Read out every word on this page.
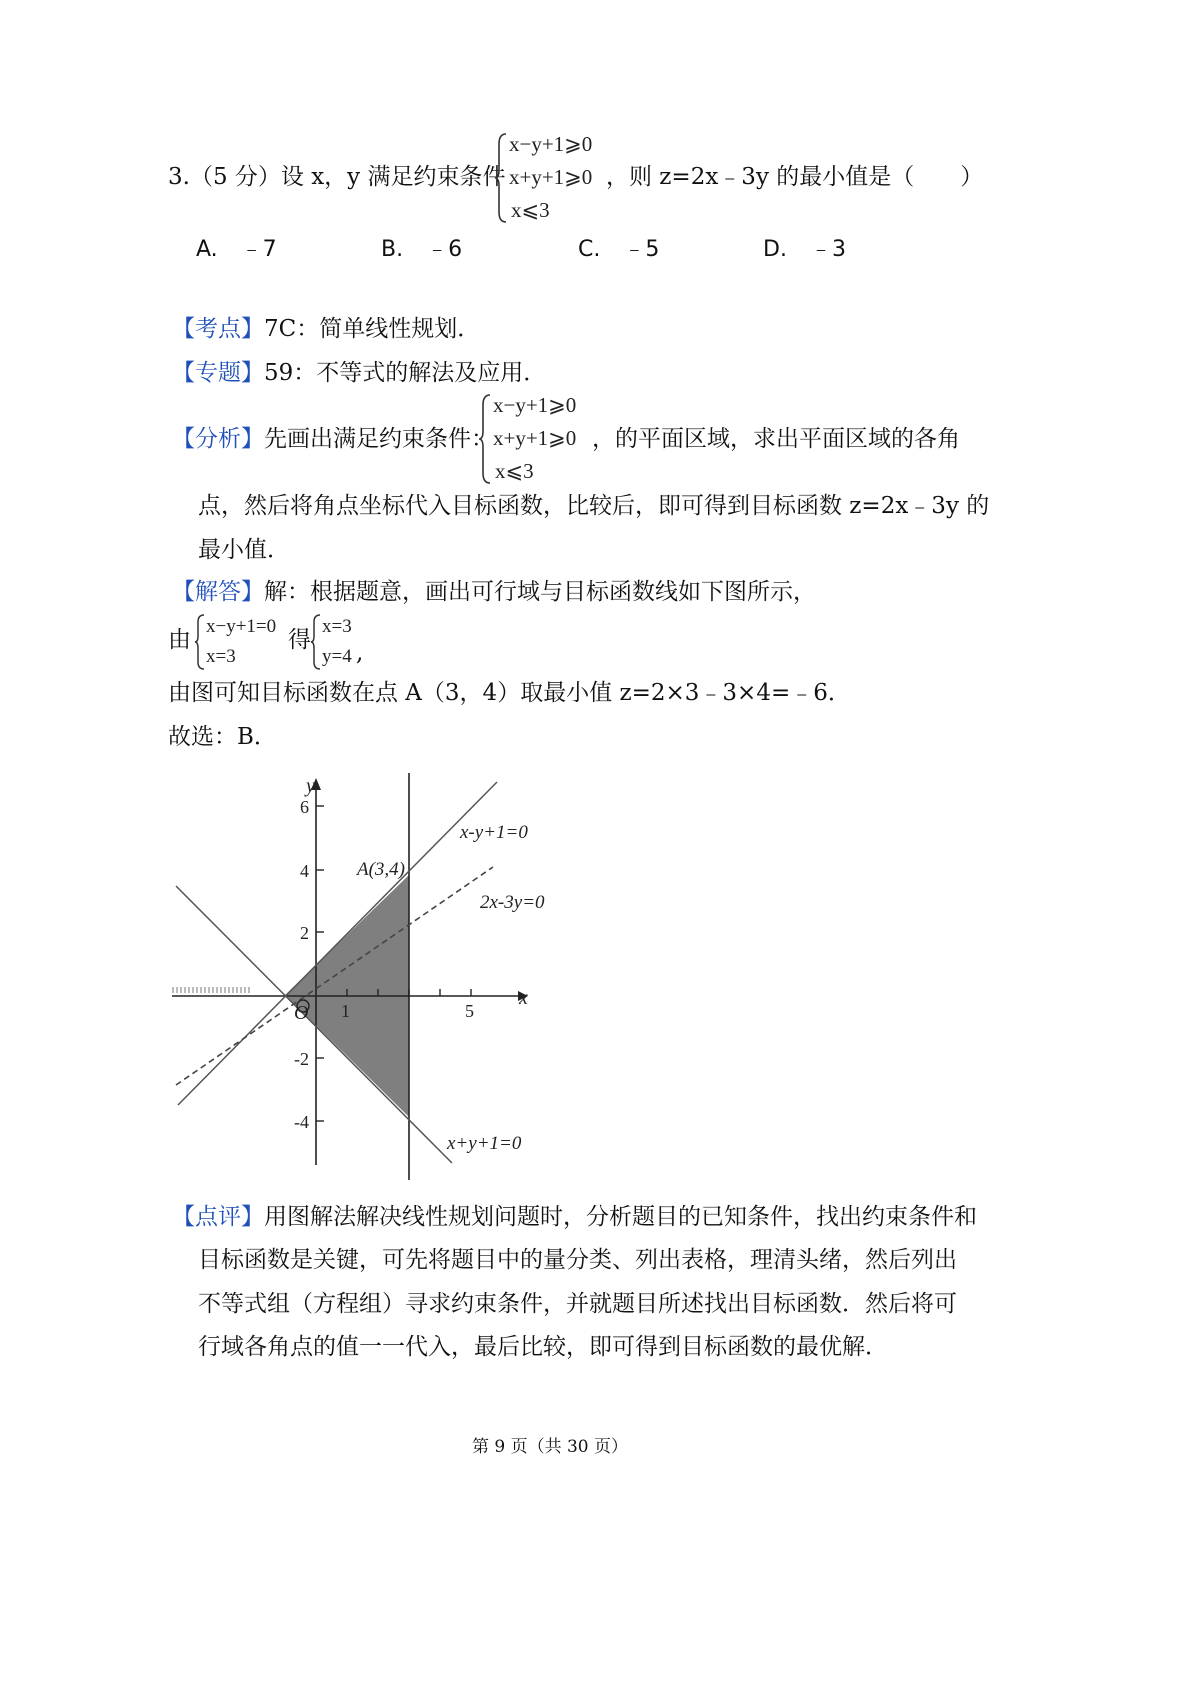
3.（5 分）设 x，y 满足约束条件
x−y+1⩾0
x+y+1⩾0
x⩽3
，则 z=2x﹣3y 的最小值是（　　）
A. ﹣7	B. ﹣6	C. ﹣5	D. ﹣3
【考点】7C：简单线性规划．
【专题】59：不等式的解法及应用．
【分析】先画出满足约束条件：
x−y+1⩾0
x+y+1⩾0
x⩽3
，的平面区域，求出平面区域的各角
点，然后将角点坐标代入目标函数，比较后，即可得到目标函数 z=2x﹣3y 的
最小值．
【解答】解：根据题意，画出可行域与目标函数线如下图所示，
由
x−y+1=0
x=3
得
x=3
y=4 ,
由图可知目标函数在点 A（3，4）取最小值 z=2×3﹣3×4=﹣6．
故选：B．
y
x
O 1	5
6
4
2
-2
-4
A(3,4)
x-y+1=0
2x-3y=0
x+y+1=0
【点评】用图解法解决线性规划问题时，分析题目的已知条件，找出约束条件和
目标函数是关键，可先将题目中的量分类、列出表格，理清头绪，然后列出
不等式组（方程组）寻求约束条件，并就题目所述找出目标函数．然后将可
行域各角点的值一一代入，最后比较，即可得到目标函数的最优解．
第 9 页（共 30 页）
